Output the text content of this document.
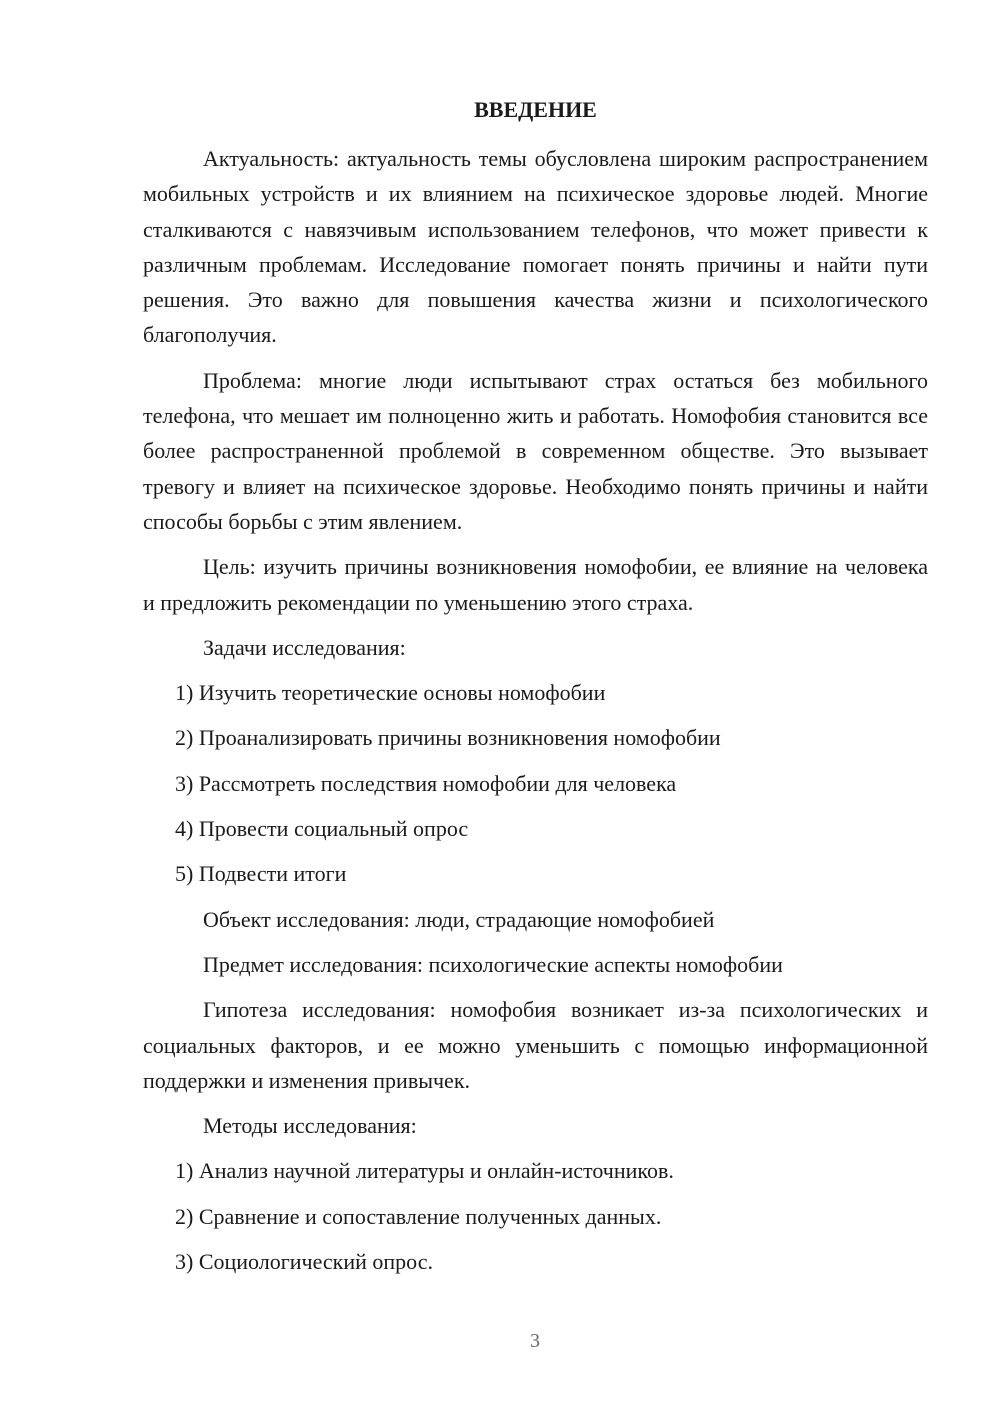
ВВЕДЕНИЕ

Актуальность: актуальность темы обусловлена широким распространением мобильных устройств и их влиянием на психическое здоровье людей. Многие сталкиваются с навязчивым использованием телефонов, что может привести к различным проблемам. Исследование помогает понять причины и найти пути решения. Это важно для повышения качества жизни и психологического благополучия.

Проблема: многие люди испытывают страх остаться без мобильного телефона, что мешает им полноценно жить и работать. Номофобия становится все более распространенной проблемой в современном обществе. Это вызывает тревогу и влияет на психическое здоровье. Необходимо понять причины и найти способы борьбы с этим явлением.

Цель: изучить причины возникновения номофобии, ее влияние на человека и предложить рекомендации по уменьшению этого страха.

Задачи исследования:

1) Изучить теоретические основы номофобии

2) Проанализировать причины возникновения номофобии

3) Рассмотреть последствия номофобии для человека

4) Провести социальный опрос

5) Подвести итоги

Объект исследования: люди, страдающие номофобией

Предмет исследования: психологические аспекты номофобии

Гипотеза исследования: номофобия возникает из-за психологических и социальных факторов, и ее можно уменьшить с помощью информационной поддержки и изменения привычек.

Методы исследования:

1) Анализ научной литературы и онлайн-источников.

2) Сравнение и сопоставление полученных данных.

3) Социологический опрос.

3
